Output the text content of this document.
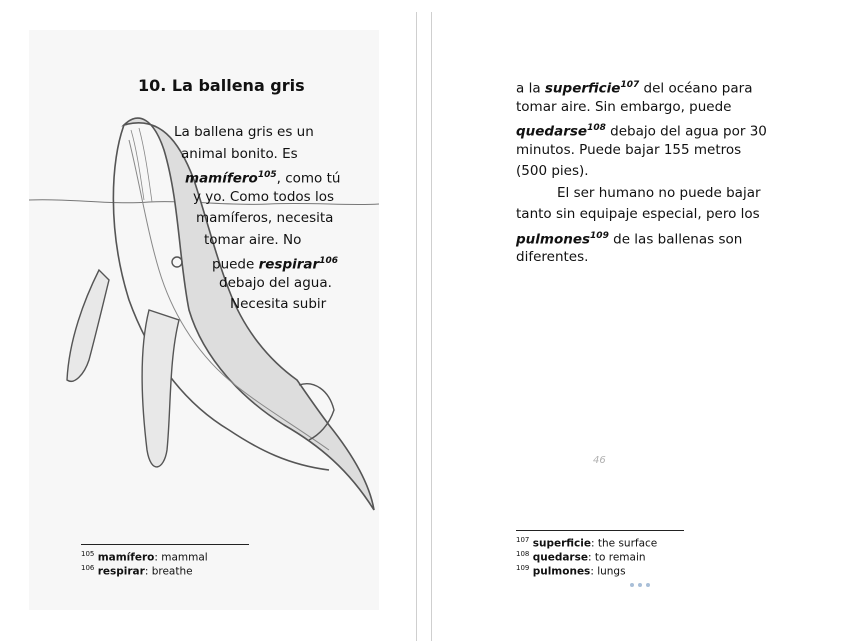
10. La ballena gris
La ballena gris es un
animal bonito. Es
mamífero$^{105}$, como tú
y yo. Como todos los
mamíferos, necesita
tomar aire. No
puede respirar$^{106}$
debajo del agua.
Necesita subir
$^{105}$ mamífero: mammal
$^{106}$ respirar: breathe
a la superficie$^{107}$ del océano para
tomar aire. Sin embargo, puede
quedarse$^{108}$ debajo del agua por 30
minutos. Puede bajar 155 metros
(500 pies).
El ser humano no puede bajar
tanto sin equipaje especial, pero los
pulmones$^{109}$ de las ballenas son
diferentes.
46
$^{107}$ superficie: the surface
$^{108}$ quedarse: to remain
$^{109}$ pulmones: lungs
